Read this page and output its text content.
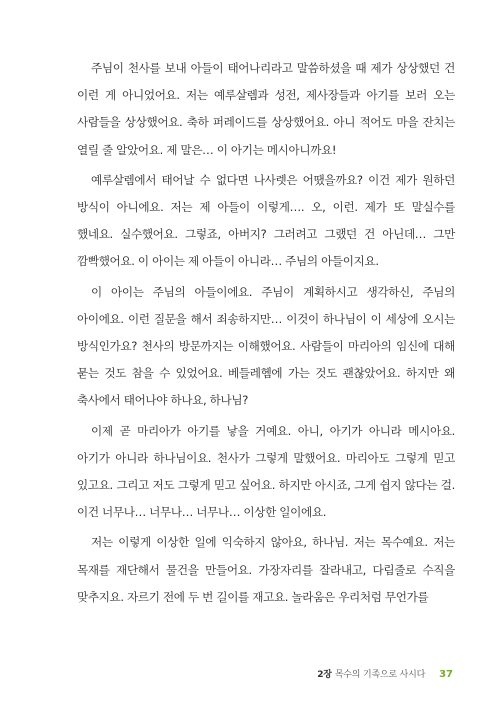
주님이 천사를 보내 아들이 태어나리라고 말씀하셨을 때 제가 상상했던 건 이런 게 아니었어요. 저는 예루살렘과 성전, 제사장들과 아기를 보러 오는 사람들을 상상했어요. 축하 퍼레이드를 상상했어요. 아니 적어도 마을 잔치는 열릴 줄 알았어요. 제 말은… 이 아기는 메시아니까요!

예루살렘에서 태어날 수 없다면 나사렛은 어땠을까요? 이건 제가 원하던 방식이 아니에요. 저는 제 아들이 이렇게…. 오, 이런. 제가 또 말실수를 했네요. 실수했어요. 그렇죠, 아버지? 그러려고 그랬던 건 아닌데… 그만 깜빡했어요. 이 아이는 제 아들이 아니라… 주님의 아들이지요.

이 아이는 주님의 아들이에요. 주님이 계획하시고 생각하신, 주님의 아이에요. 이런 질문을 해서 죄송하지만… 이것이 하나님이 이 세상에 오시는 방식인가요? 천사의 방문까지는 이해했어요. 사람들이 마리아의 임신에 대해 묻는 것도 참을 수 있었어요. 베들레헴에 가는 것도 괜찮았어요. 하지만 왜 축사에서 태어나야 하나요, 하나님?

이제 곧 마리아가 아기를 낳을 거예요. 아니, 아기가 아니라 메시아요. 아기가 아니라 하나님이요. 천사가 그렇게 말했어요. 마리아도 그렇게 믿고 있고요. 그리고 저도 그렇게 믿고 싶어요. 하지만 아시죠, 그게 쉽지 않다는 걸. 이건 너무나… 너무나… 너무나… 이상한 일이에요.

저는 이렇게 이상한 일에 익숙하지 않아요, 하나님. 저는 목수예요. 저는 목재를 재단해서 물건을 만들어요. 가장자리를 잘라내고, 다림줄로 수직을 맞추지요. 자르기 전에 두 번 길이를 재고요. 놀라움은 우리처럼 무언가를

2장 목수의 기족으로 사시다 37
